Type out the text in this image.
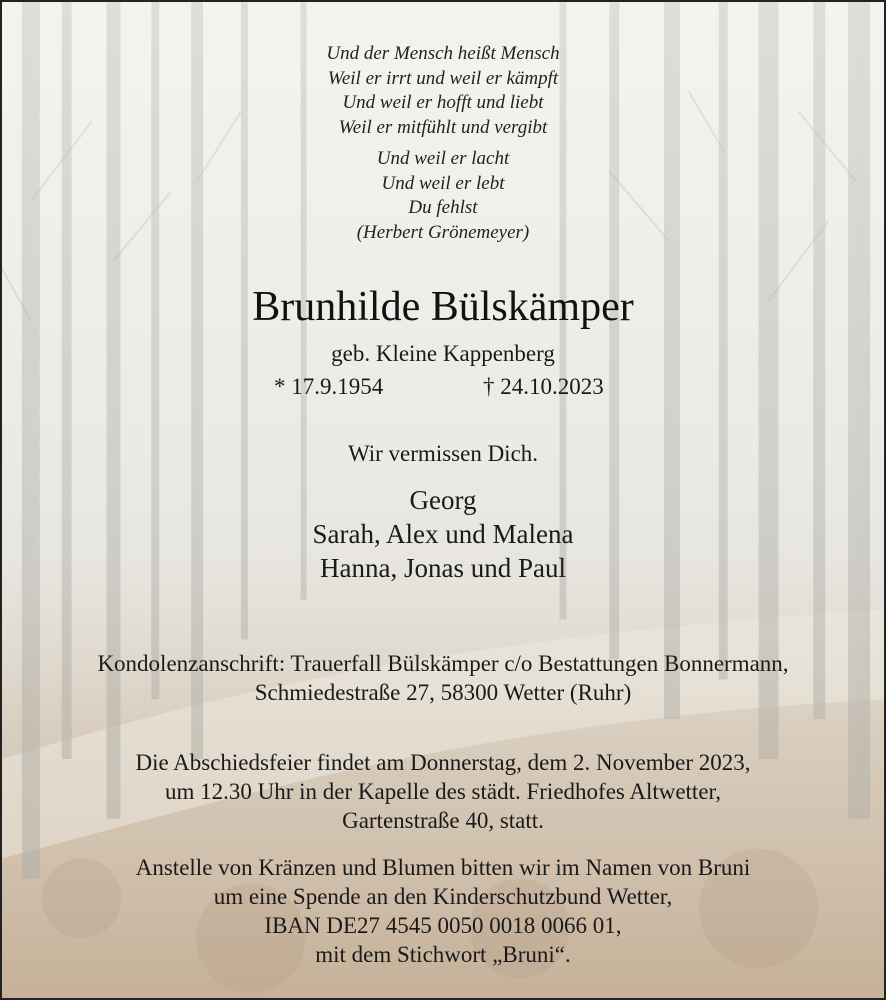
Und der Mensch heißt Mensch
Weil er irrt und weil er kämpft
Und weil er hofft und liebt
Weil er mitfühlt und vergibt
Und weil er lacht
Und weil er lebt
Du fehlst
(Herbert Grönemeyer)
Brunhilde Bülskämper
geb. Kleine Kappenberg
* 17.9.1954	† 24.10.2023
Wir vermissen Dich.
Georg
Sarah, Alex und Malena
Hanna, Jonas und Paul
Kondolenzanschrift: Trauerfall Bülskämper c/o Bestattungen Bonnermann,
Schmiedestraße 27, 58300 Wetter (Ruhr)
Die Abschiedsfeier findet am Donnerstag, dem 2. November 2023,
um 12.30 Uhr in der Kapelle des städt. Friedhofes Altwetter,
Gartenstraße 40, statt.
Anstelle von Kränzen und Blumen bitten wir im Namen von Bruni
um eine Spende an den Kinderschutzbund Wetter,
IBAN DE27 4545 0050 0018 0066 01,
mit dem Stichwort „Bruni“.
